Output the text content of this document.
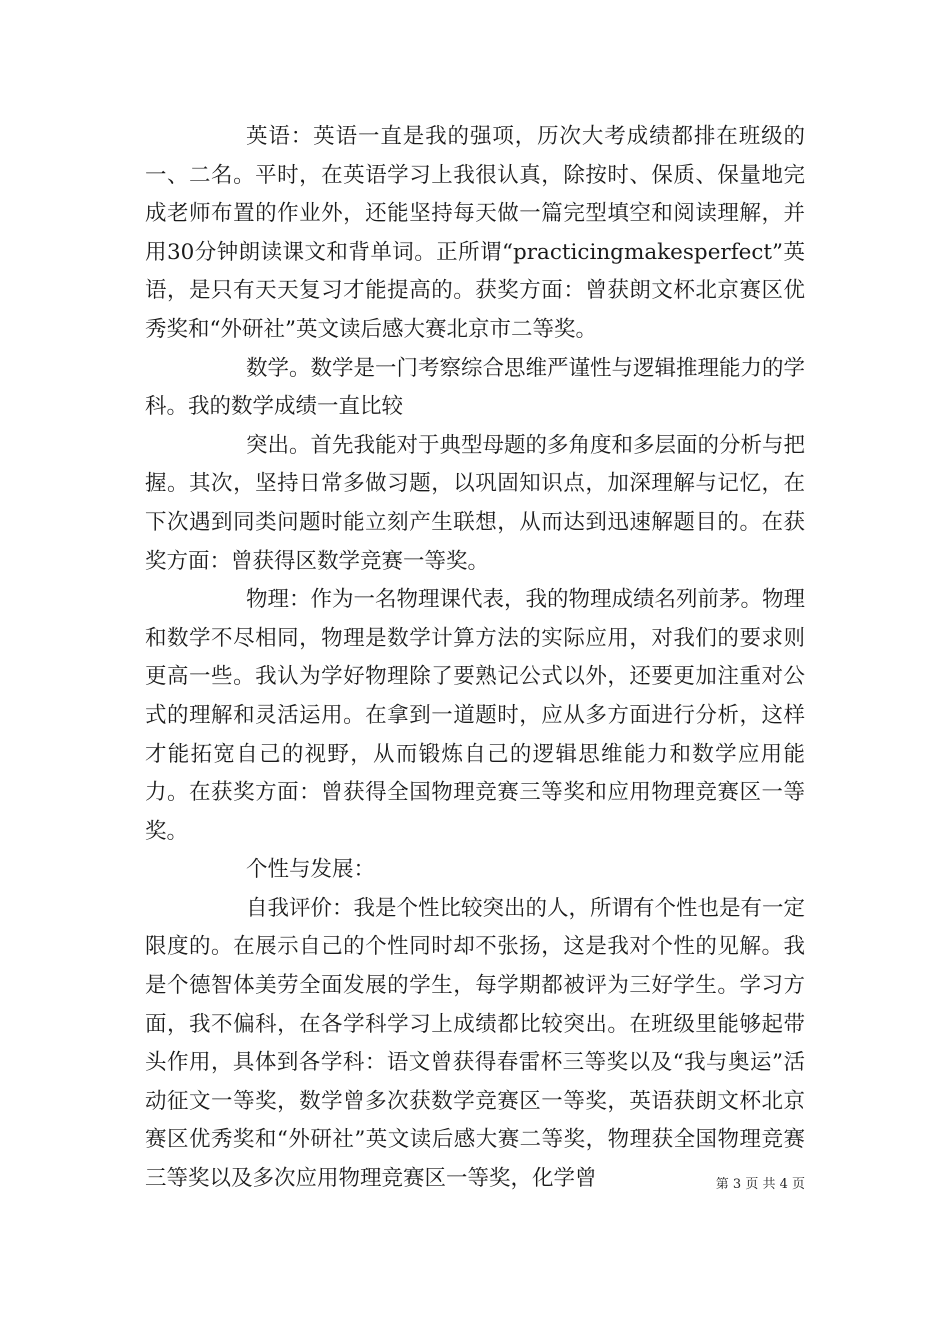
英语：英语一直是我的强项，历次大考成绩都排在班级的一、二名。平时，在英语学习上我很认真，除按时、保质、保量地完成老师布置的作业外，还能坚持每天做一篇完型填空和阅读理解，并用30分钟朗读课文和背单词。正所谓“practicingmakesperfect”英语，是只有天天复习才能提高的。获奖方面：曾获朗文杯北京赛区优秀奖和“外研社”英文读后感大赛北京市二等奖。

数学。数学是一门考察综合思维严谨性与逻辑推理能力的学科。我的数学成绩一直比较

突出。首先我能对于典型母题的多角度和多层面的分析与把握。其次，坚持日常多做习题，以巩固知识点，加深理解与记忆，在下次遇到同类问题时能立刻产生联想，从而达到迅速解题目的。在获奖方面：曾获得区数学竞赛一等奖。

物理：作为一名物理课代表，我的物理成绩名列前茅。物理和数学不尽相同，物理是数学计算方法的实际应用，对我们的要求则更高一些。我认为学好物理除了要熟记公式以外，还要更加注重对公式的理解和灵活运用。在拿到一道题时，应从多方面进行分析，这样才能拓宽自己的视野，从而锻炼自己的逻辑思维能力和数学应用能力。在获奖方面：曾获得全国物理竞赛三等奖和应用物理竞赛区一等奖。

个性与发展：

自我评价：我是个性比较突出的人，所谓有个性也是有一定限度的。在展示自己的个性同时却不张扬，这是我对个性的见解。我是个德智体美劳全面发展的学生，每学期都被评为三好学生。学习方面，我不偏科，在各学科学习上成绩都比较突出。在班级里能够起带头作用，具体到各学科：语文曾获得春雷杯三等奖以及“我与奥运”活动征文一等奖，数学曾多次获数学竞赛区一等奖，英语获朗文杯北京赛区优秀奖和“外研社”英文读后感大赛二等奖，物理获全国物理竞赛三等奖以及多次应用物理竞赛区一等奖，化学曾	第 3 页 共 4 页
